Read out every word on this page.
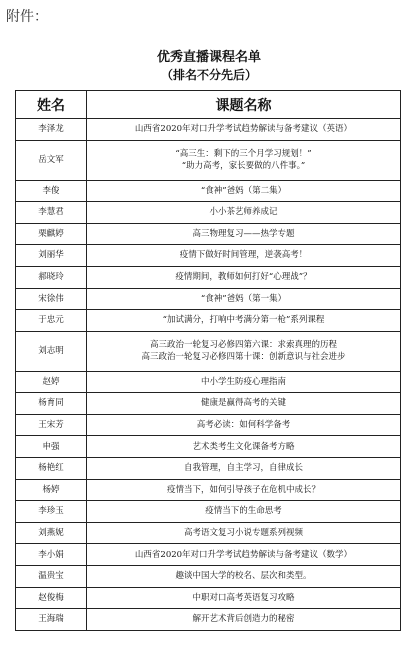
附件：
优秀直播课程名单
（排名不分先后）
姓名	课题名称
李泽龙	山西省2020年对口升学考试趋势解读与备考建议（英语）

岳文军	“高三生：剩下的三个月学习规划！”
“助力高考，家长要做的八件事。”

李俊	“食神”爸妈（第二集）

李慧君	小小茶艺师养成记

栗麒婷	高三物理复习——热学专题

刘丽华	疫情下做好时间管理，逆袭高考！

郝晓玲	疫情期间，教师如何打好“心理战”？

宋徐伟	“食神”爸妈（第一集）

于忠元	“加试满分，打响中考满分第一枪”系列课程

刘志明	高三政治一轮复习必修四第六课：求索真理的历程
高三政治一轮复习必修四第十课：创新意识与社会进步

赵婷	中小学生防疫心理指南

杨育同	健康是赢得高考的关键

王宋芳	高考必读：如何科学备考

申强	艺术类考生文化课备考方略

杨艳红	自我管理，自主学习，自律成长

杨婷	疫情当下，如何引导孩子在危机中成长？

李珍玉	疫情当下的生命思考

刘燕妮	高考语文复习小说专题系列视频

李小娟	山西省2020年对口升学考试趋势解读与备考建议（数学）

温贵宝	趣谈中国大学的校名、层次和类型。

赵俊梅	中职对口高考英语复习攻略

王海瑞	解开艺术背后创造力的秘密
